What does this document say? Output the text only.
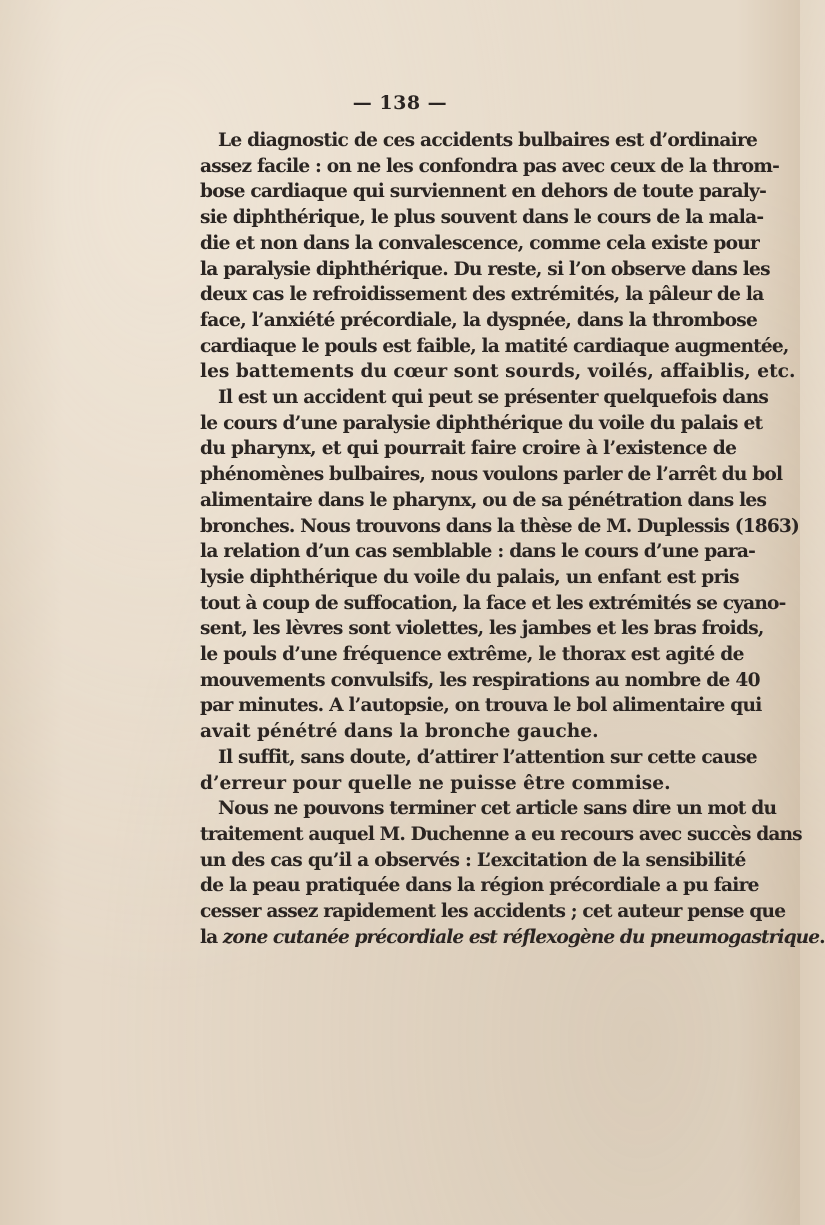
— 138 —

Le diagnostic de ces accidents bulbaires est d’ordinaire
assez facile : on ne les confondra pas avec ceux de la throm-
bose cardiaque qui surviennent en dehors de toute paraly-
sie diphthérique, le plus souvent dans le cours de la mala-
die et non dans la convalescence, comme cela existe pour
la paralysie diphthérique. Du reste, si l’on observe dans les
deux cas le refroidissement des extrémités, la pâleur de la
face, l’anxiété précordiale, la dyspnée, dans la thrombose
cardiaque le pouls est faible, la matité cardiaque augmentée,
les battements du cœur sont sourds, voilés, affaiblis, etc.

Il est un accident qui peut se présenter quelquefois dans
le cours d’une paralysie diphthérique du voile du palais et
du pharynx, et qui pourrait faire croire à l’existence de
phénomènes bulbaires, nous voulons parler de l’arrêt du bol
alimentaire dans le pharynx, ou de sa pénétration dans les
bronches. Nous trouvons dans la thèse de M. Duplessis (1863)
la relation d’un cas semblable : dans le cours d’une para-
lysie diphthérique du voile du palais, un enfant est pris
tout à coup de suffocation, la face et les extrémités se cyano-
sent, les lèvres sont violettes, les jambes et les bras froids,
le pouls d’une fréquence extrême, le thorax est agité de
mouvements convulsifs, les respirations au nombre de 40
par minutes. A l’autopsie, on trouva le bol alimentaire qui
avait pénétré dans la bronche gauche.

Il suffit, sans doute, d’attirer l’attention sur cette cause
d’erreur pour quelle ne puisse être commise.

Nous ne pouvons terminer cet article sans dire un mot du
traitement auquel M. Duchenne a eu recours avec succès dans
un des cas qu’il a observés : L’excitation de la sensibilité
de la peau pratiquée dans la région précordiale a pu faire
cesser assez rapidement les accidents ; cet auteur pense que
la zone cutanée précordiale est réflexogène du pneumogastrique.
